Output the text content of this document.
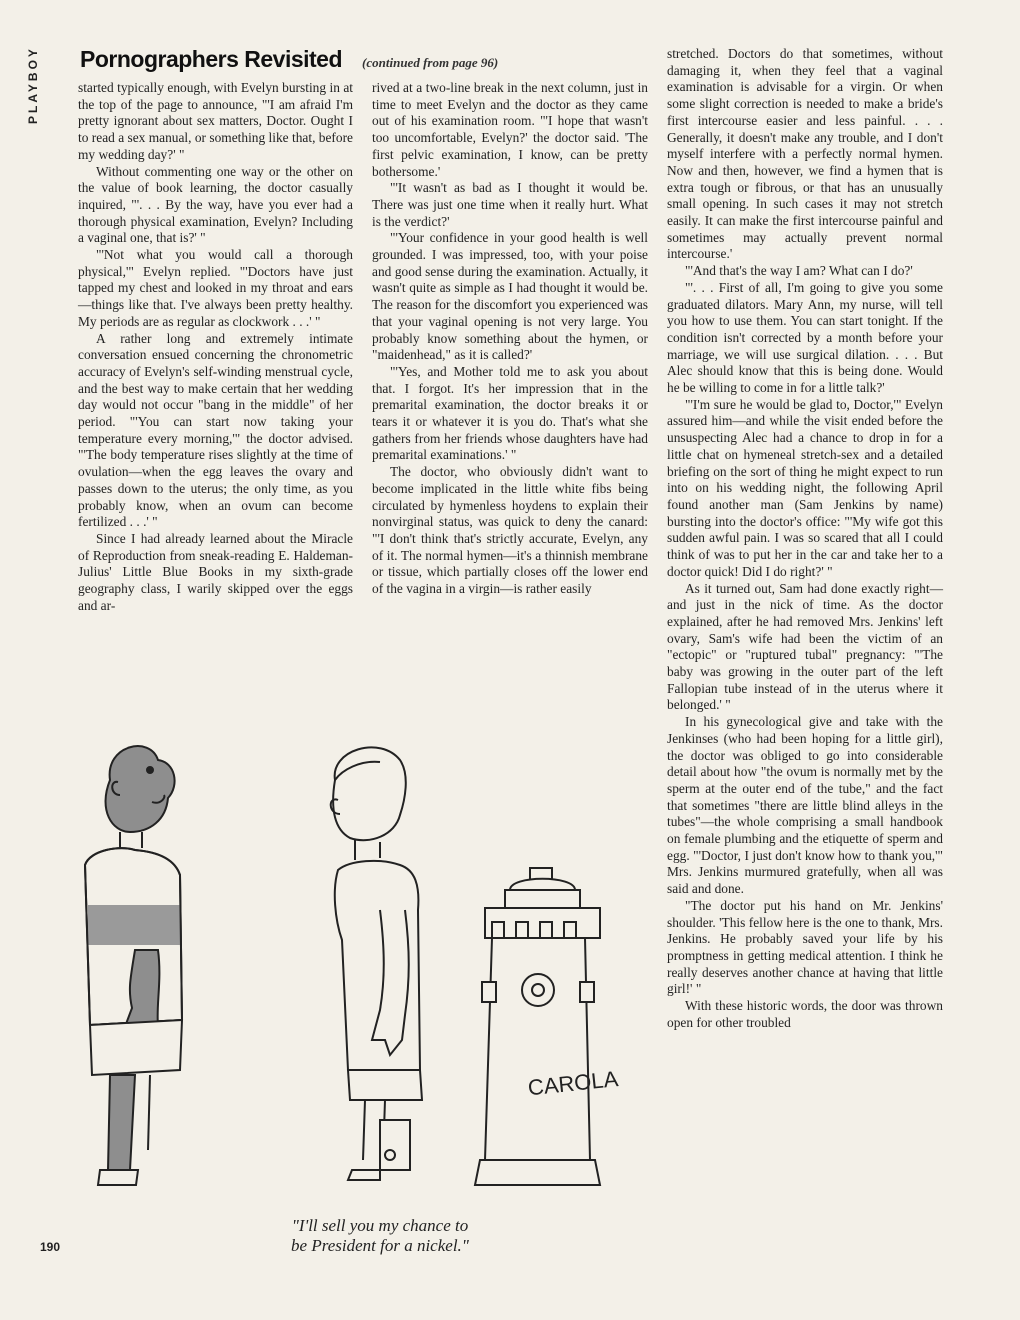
PLAYBOY	Pornographers Revisited (continued from page 96)

started typically enough, with Evelyn bursting in at the top of the page to announce, "'I am afraid I'm pretty ignorant about sex matters, Doctor. Ought I to read a sex manual, or something like that, before my wedding day?' "

Without commenting one way or the other on the value of book learning, the doctor casually inquired, "'. . . By the way, have you ever had a thorough physical examination, Evelyn? Including a vaginal one, that is?' "

"'Not what you would call a thorough physical,'" Evelyn replied. "'Doctors have just tapped my chest and looked in my throat and ears—things like that. I've always been pretty healthy. My periods are as regular as clockwork . . .' "

A rather long and extremely intimate conversation ensued concerning the chronometric accuracy of Evelyn's self-winding menstrual cycle, and the best way to make certain that her wedding day would not occur "bang in the middle" of her period. "'You can start now taking your temperature every morning,'" the doctor advised. "'The body temperature rises slightly at the time of ovulation—when the egg leaves the ovary and passes down to the uterus; the only time, as you probably know, when an ovum can become fertilized . . .' "

Since I had already learned about the Miracle of Reproduction from sneak-reading E. Haldeman-Julius' Little Blue Books in my sixth-grade geography class, I warily skipped over the eggs and ar-

rived at a two-line break in the next column, just in time to meet Evelyn and the doctor as they came out of his examination room. "'I hope that wasn't too uncomfortable, Evelyn?' the doctor said. 'The first pelvic examination, I know, can be pretty bothersome.'

"'It wasn't as bad as I thought it would be. There was just one time when it really hurt. What is the verdict?'

"'Your confidence in your good health is well grounded. I was impressed, too, with your poise and good sense during the examination. Actually, it wasn't quite as simple as I had thought it would be. The reason for the discomfort you experienced was that your vaginal opening is not very large. You probably know something about the hymen, or "maidenhead," as it is called?'

"'Yes, and Mother told me to ask you about that. I forgot. It's her impression that in the premarital examination, the doctor breaks it or tears it or whatever it is you do. That's what she gathers from her friends whose daughters have had premarital examinations.' "

The doctor, who obviously didn't want to become implicated in the little white fibs being circulated by hymenless hoydens to explain their nonvirginal status, was quick to deny the canard: "'I don't think that's strictly accurate, Evelyn, any of it. The normal hymen—it's a thinnish membrane or tissue, which partially closes off the lower end of the vagina in a virgin—is rather easily

stretched. Doctors do that sometimes, without damaging it, when they feel that a vaginal examination is advisable for a virgin. Or when some slight correction is needed to make a bride's first intercourse easier and less painful. . . . Generally, it doesn't make any trouble, and I don't myself interfere with a perfectly normal hymen. Now and then, however, we find a hymen that is extra tough or fibrous, or that has an unusually small opening. In such cases it may not stretch easily. It can make the first intercourse painful and sometimes may actually prevent normal intercourse.'

"'And that's the way I am? What can I do?'

"'. . . First of all, I'm going to give you some graduated dilators. Mary Ann, my nurse, will tell you how to use them. You can start tonight. If the condition isn't corrected by a month before your marriage, we will use surgical dilation. . . . But Alec should know that this is being done. Would he be willing to come in for a little talk?'

"'I'm sure he would be glad to, Doctor,'" Evelyn assured him—and while the visit ended before the unsuspecting Alec had a chance to drop in for a little chat on hymeneal stretch-sex and a detailed briefing on the sort of thing he might expect to run into on his wedding night, the following April found another man (Sam Jenkins by name) bursting into the doctor's office: "'My wife got this sudden awful pain. I was so scared that all I could think of was to put her in the car and take her to a doctor quick! Did I do right?' "

As it turned out, Sam had done exactly right—and just in the nick of time. As the doctor explained, after he had removed Mrs. Jenkins' left ovary, Sam's wife had been the victim of an "ectopic" or "ruptured tubal" pregnancy: "'The baby was growing in the outer part of the left Fallopian tube instead of in the uterus where it belonged.' "

In his gynecological give and take with the Jenkinses (who had been hoping for a little girl), the doctor was obliged to go into considerable detail about how "the ovum is normally met by the sperm at the outer end of the tube," and the fact that sometimes "there are little blind alleys in the tubes"—the whole comprising a small handbook on female plumbing and the etiquette of sperm and egg. "'Doctor, I just don't know how to thank you,'" Mrs. Jenkins murmured gratefully, when all was said and done.

"The doctor put his hand on Mr. Jenkins' shoulder. 'This fellow here is the one to thank, Mrs. Jenkins. He probably saved your life by his promptness in getting medical attention. I think he really deserves another chance at having that little girl!' "

With these historic words, the door was thrown open for other troubled

CAROLA
"I'll sell you my chance to
be President for a nickel."
190
